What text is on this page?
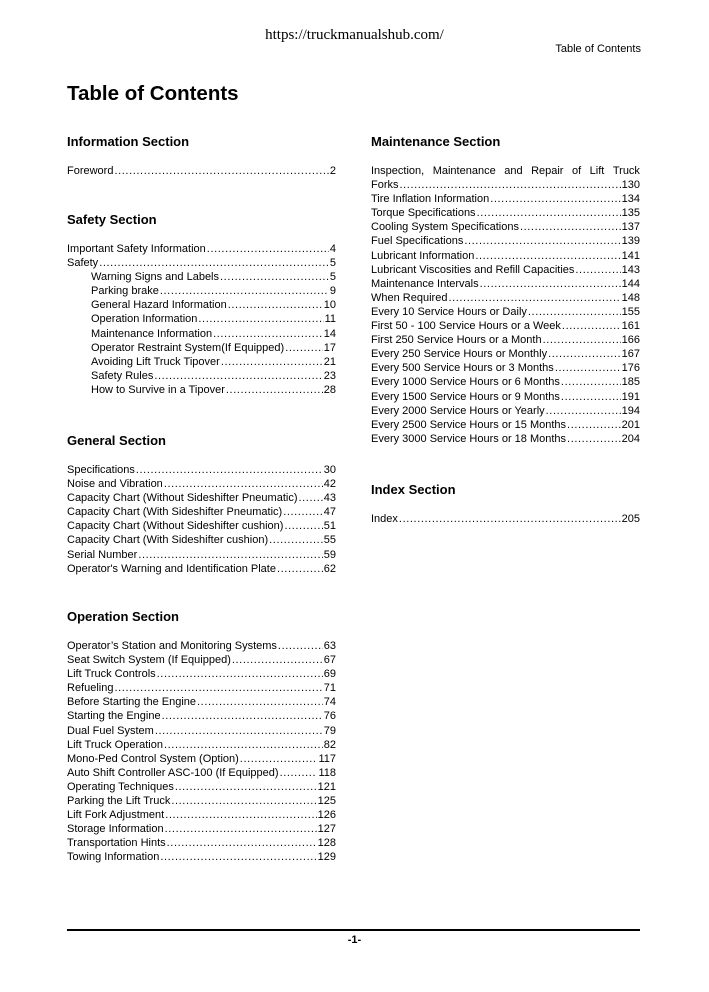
https://truckmanualshub.com/
Table of Contents
Table of Contents
Information Section
Foreword .....	2
Safety Section
Important Safety Information .....	4
Safety .....	5
Warning Signs and Labels .....	5
Parking brake .....	9
General Hazard Information .....	10
Operation Information .....	11
Maintenance Information .....	14
Operator Restraint System(If Equipped) .....	17
Avoiding Lift Truck Tipover .....	21
Safety Rules .....	23
How to Survive in a Tipover .....	28
General Section
Specifications .....	30
Noise and Vibration .....	42
Capacity Chart (Without Sideshifter Pneumatic) ..... 43
Capacity Chart (With Sideshifter Pneumatic) .....	47
Capacity Chart (Without Sideshifter cushion) .....	51
Capacity Chart (With Sideshifter cushion) .....	55
Serial Number .....	59
Operator's Warning and Identification Plate .....	62
Operation Section
Operator’s Station and Monitoring Systems .....	63
Seat Switch System (If Equipped) .....	67
Lift Truck Controls .....	69
Refueling .....	71
Before Starting the Engine .....	74
Starting the Engine .....	76
Dual Fuel System .....	79
Lift Truck Operation .....	82
Mono-Ped Control System (Option) .....	117
Auto Shift Controller ASC-100 (If Equipped) .....	118
Operating Techniques .....	121
Parking the Lift Truck .....	125
Lift Fork Adjustment .....	126
Storage Information .....	127
Transportation Hints .....	128
Towing Information .....	129
Maintenance Section
Inspection, Maintenance and Repair of Lift Truck
Forks .....	130
Tire Inflation Information .....	134
Torque Specifications .....	135
Cooling System Specifications .....	137
Fuel Specifications .....	139
Lubricant Information .....	141
Lubricant Viscosities and Refill Capacities .....	143
Maintenance Intervals .....	144
When Required .....	148
Every 10 Service Hours or Daily .....	155
First 50 - 100 Service Hours or a Week .....	161
First 250 Service Hours or a Month .....	166
Every 250 Service Hours or Monthly .....	167
Every 500 Service Hours or 3 Months .....	176
Every 1000 Service Hours or 6 Months .....	185
Every 1500 Service Hours or 9 Months .....	191
Every 2000 Service Hours or Yearly .....	194
Every 2500 Service Hours or 15 Months .....	201
Every 3000 Service Hours or 18 Months .....	204
Index Section
Index .....	205
-1-
